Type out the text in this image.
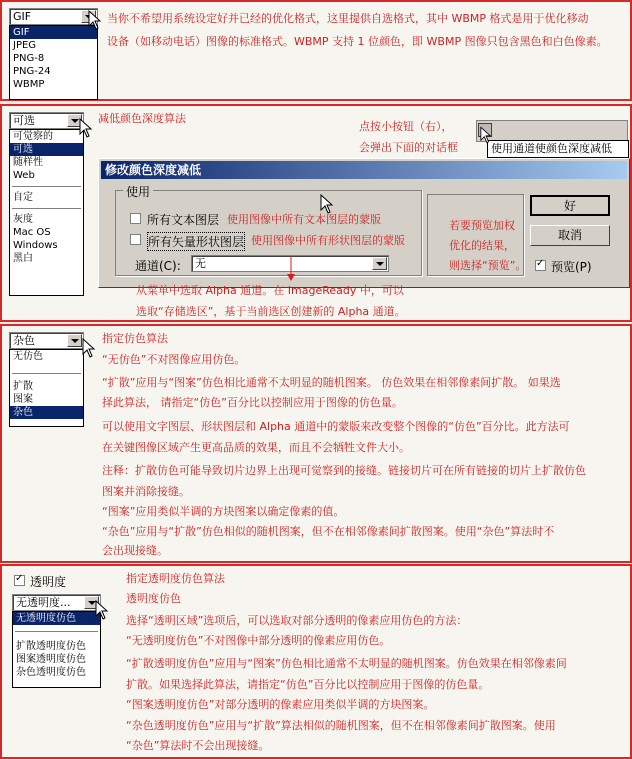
GIF
GIF
JPEG
PNG-8
PNG-24
WBMP
当你不希望用系统设定好并已经的优化格式，这里提供自选格式，其中 WBMP 格式是用于优化移动
设备（如移动电话）图像的标准格式。WBMP 支持 1 位颜色，即 WBMP 图像只包含黑色和白色像素。
可选
可觉察的
可选
随样性
Web
自定
灰度
Mac OS
Windows
黑白
减低颜色深度算法
点按小按钮（右），
会弹出下面的对话框	使用通道使颜色深度减低
修改颜色深度减低
使用
所有文本图层 使用图像中所有文本图层的蒙版
所有矢量形状图层 使用图像中所有形状图层的蒙版
通道(C):	无
若要预览加权
优化的结果，
则选择“预览”。
好
取消
✓
预览(P)
从菜单中选取 Alpha 通道。在 ImageReady 中，可以
选取“存储选区”，基于当前选区创建新的 Alpha 通道。
杂色
无仿色
扩散
图案
杂色
指定仿色算法
“无仿色”不对图像应用仿色。
“扩散”应用与“图案”仿色相比通常不太明显的随机图案。 仿色效果在相邻像素间扩散。 如果选
择此算法， 请指定“仿色”百分比以控制应用于图像的仿色量。
可以使用文字图层、形状图层和 Alpha 通道中的蒙版来改变整个图像的“仿色”百分比。此方法可
在关键图像区域产生更高品质的效果，而且不会牺牲文件大小。
注释：扩散仿色可能导致切片边界上出现可觉察到的接缝。链接切片可在所有链接的切片上扩散仿色
图案并消除接缝。
“图案”应用类似半调的方块图案以确定像素的值。
“杂色”应用与“扩散”仿色相似的随机图案，但不在相邻像素间扩散图案。使用“杂色”算法时不
会出现接缝。
✓
透明度
无透明度...
无透明度仿色
扩散透明度仿色
图案透明度仿色
杂色透明度仿色
指定透明度仿色算法
透明度仿色
选择“透明区域”选项后，可以选取对部分透明的像素应用仿色的方法：
“无透明度仿色”不对图像中部分透明的像素应用仿色。
“扩散透明度仿色”应用与“图案”仿色相比通常不太明显的随机图案。仿色效果在相邻像素间
扩散。如果选择此算法，请指定“仿色”百分比以控制应用于图像的仿色量。
“图案透明度仿色”对部分透明的像素应用类似半调的方块图案。
“杂色透明度仿色”应用与“扩散”算法相似的随机图案，但不在相邻像素间扩散图案。使用
“杂色”算法时不会出现接缝。
